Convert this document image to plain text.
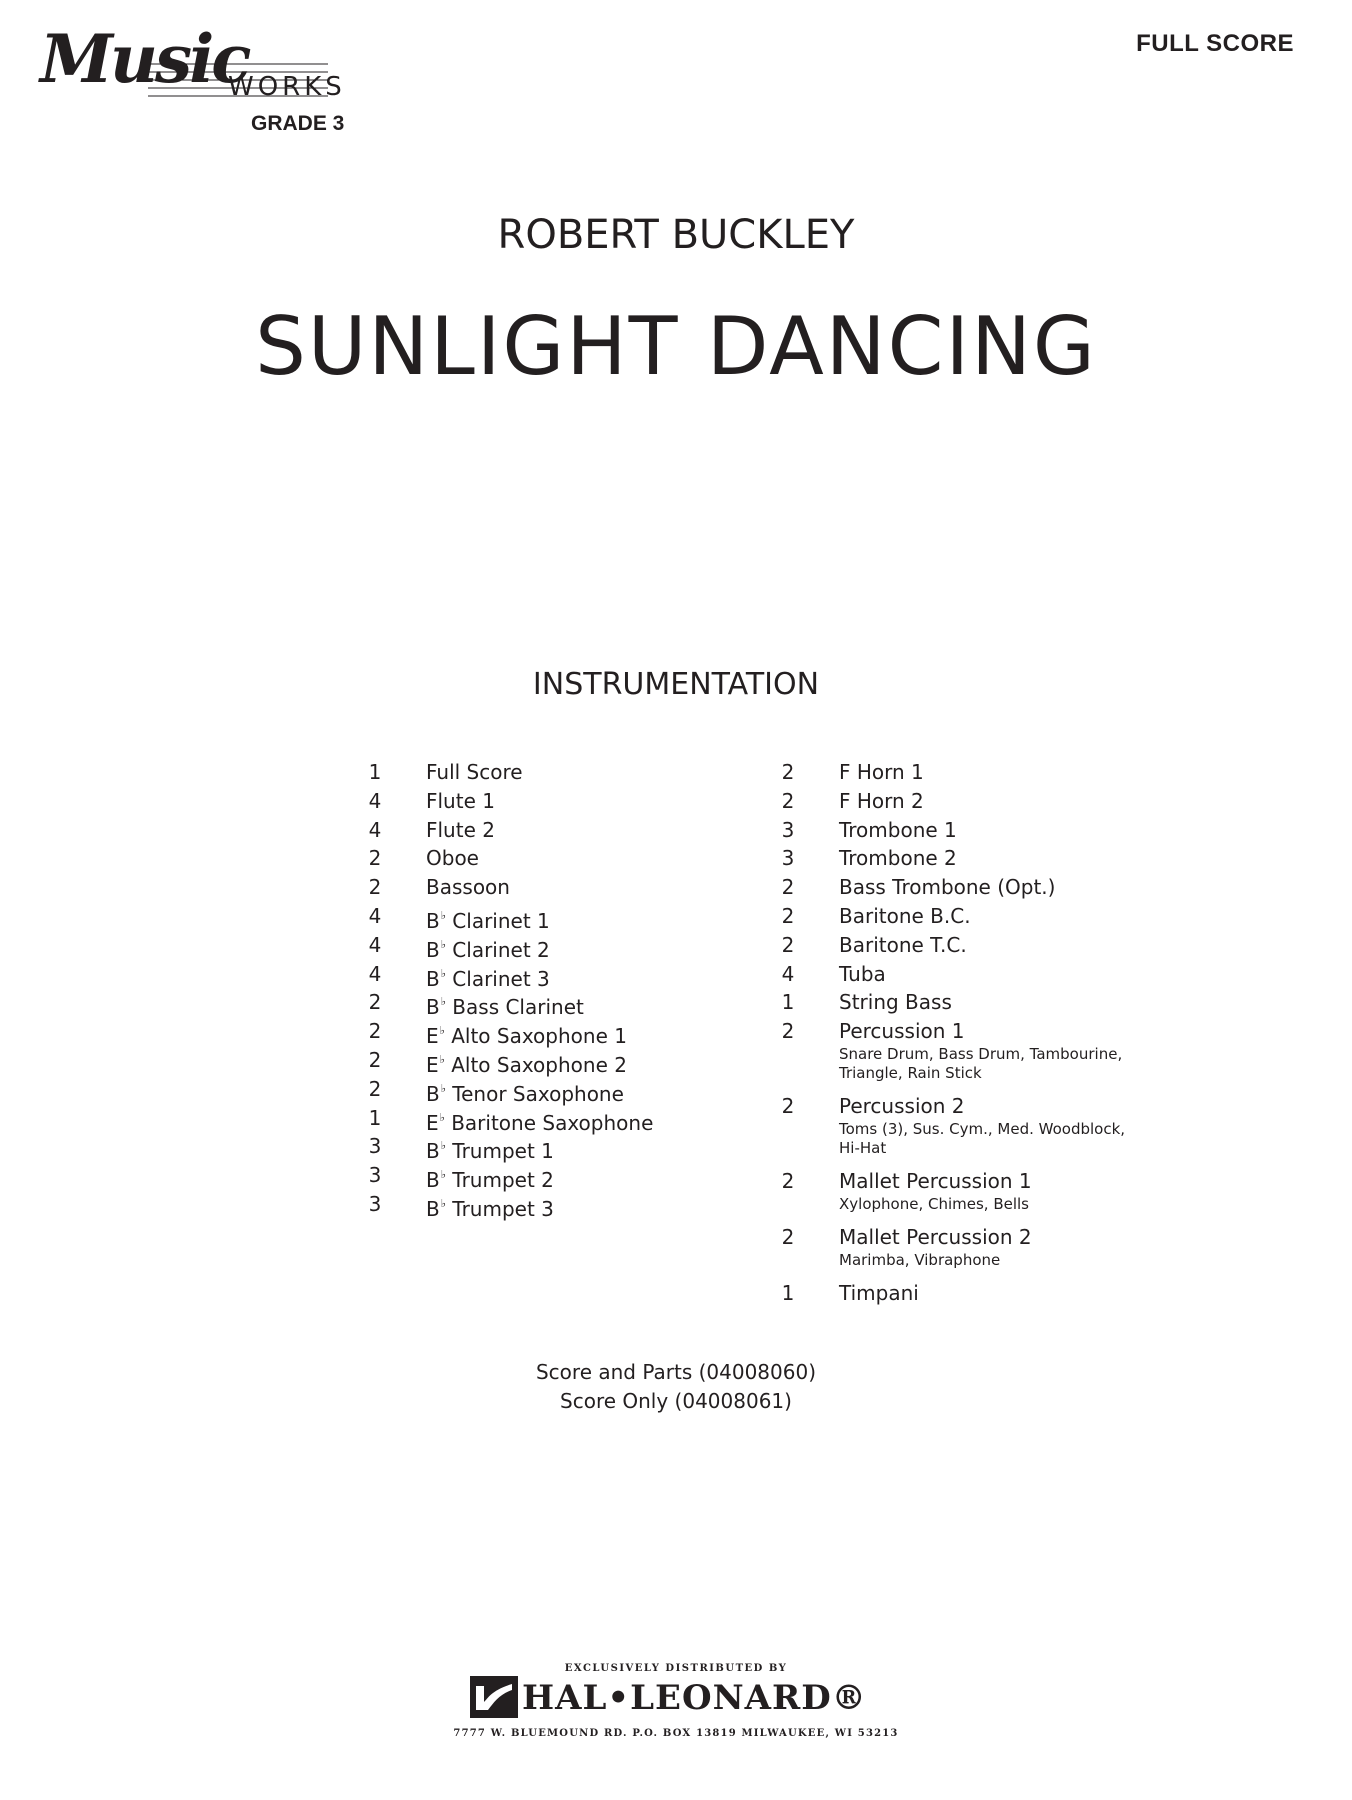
Music
WORKS
GRADE 3
FULL SCORE
ROBERT BUCKLEY
SUNLIGHT DANCING
INSTRUMENTATION
1	Full Score
4	Flute 1
4	Flute 2
2	Oboe
2	Bassoon
4	B♭ Clarinet 1
4	B♭ Clarinet 2
4	B♭ Clarinet 3
2	B♭ Bass Clarinet
2	E♭ Alto Saxophone 1
2	E♭ Alto Saxophone 2
2	B♭ Tenor Saxophone
1	E♭ Baritone Saxophone
3	B♭ Trumpet 1
3	B♭ Trumpet 2
3	B♭ Trumpet 3
2	F Horn 1
2	F Horn 2
3	Trombone 1
3	Trombone 2
2	Bass Trombone (Opt.)
2	Baritone B.C.
2	Baritone T.C.
4	Tuba
1	String Bass
2	Percussion 1
Snare Drum, Bass Drum, Tambourine, Triangle, Rain Stick
2	Percussion 2
Toms (3), Sus. Cym., Med. Woodblock, Hi-Hat
2	Mallet Percussion 1
Xylophone, Chimes, Bells
2	Mallet Percussion 2
Marimba, Vibraphone
1	Timpani
Score and Parts (04008060)
Score Only (04008061)
EXCLUSIVELY DISTRIBUTED BY
HAL•LEONARD®
7777 W. BLUEMOUND RD. P.O. BOX 13819 MILWAUKEE, WI 53213
